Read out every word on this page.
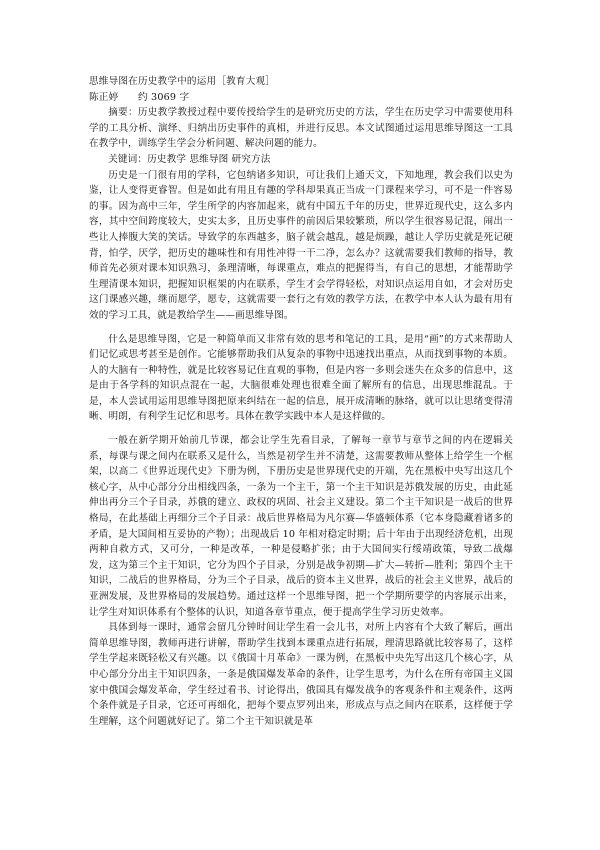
思维导图在历史教学中的运用［教育大观］
陈正婷　　约 3069 字

摘要：历史教学教授过程中要传授给学生的是研究历史的方法，学生在历史学习中需要使用科学的工具分析、演绎、归纳出历史事件的真相，并进行反思。本文试图通过运用思维导图这一工具在教学中，训练学生学会分析问题、解决问题的能力。

关键词：历史教学 思维导图 研究方法

历史是一门很有用的学科，它包纳诸多知识，可让我们上通天文，下知地理，教会我们以史为鉴，让人变得更睿智。但是如此有用且有趣的学科却果真正当成一门课程来学习，可不是一件容易的事。因为高中三年，学生所学的内容加起来，就有中国五千年的历史，世界近现代史，这么多内容，其中空间跨度较大，史实太多，且历史事件的前因后果较繁琐，所以学生很容易记混，闹出一些让人捧腹大笑的笑话。导致学的东西越多，脑子就会越乱，越是烦躁，越让人学历史就是死记硬背，怕学，厌学，把历史的趣味性和有用性冲得一干二净，怎么办？这就需要我们教师的指导，教师首先必须对课本知识熟习，条理清晰，每课重点，难点的把握得当，有自己的思想，才能帮助学生理清课本知识，把握知识框架的内在联系，学生才会学得轻松，对知识点运用自如，才会对历史这门课感兴趣，继而愿学，愿专，这就需要一套行之有效的教学方法，在教学中本人认为最有用有效的学习工具，就是教给学生——画思维导图。

什么是思维导图，它是一种简单而又非常有效的思考和笔记的工具，是用“画”的方式来帮助人们记忆或思考甚至是创作。它能够帮助我们从复杂的事物中迅速找出重点，从而找到事物的本质。人的大脑有一种特性，就是比较容易记住直观的事物，但是内容一多则会迷失在众多的信息中，这是由于各学科的知识点混在一起，大脑很难处理也很难全面了解所有的信息，出现思维混乱。于是，本人尝试用运用思维导图把原来纠结在一起的信息，展开成清晰的脉络，就可以让思绪变得清晰、明朗，有利学生记忆和思考。具体在教学实践中本人是这样做的。

一般在新学期开始前几节课，都会让学生先看目录，了解每一章节与章节之间的内在逻辑关系，每课与课之间内在联系又是什么，当然是初学生并不清楚，这需要教师从整体上给学生一个框架，以高二《世界近现代史》下册为例，下册历史是世界现代史的开端，先在黑板中央写出这几个核心字，从中心部分分出相线四条，一条为一个主干，第一个主干知识是苏俄发展的历史，由此延伸出再分三个子目录，苏俄的建立、政权的巩固、社会主义建设。第二个主干知识是一战后的世界格局，在此基础上再细分三个子目录：战后世界格局为凡尔赛—华盛顿体系（它本身隐藏着诸多的矛盾，是大国间相互妥协的产物）；出现战后 10 年相对稳定时期；后十年由于出现经济危机，出现两种自救方式，又可分，一种是改革，一种是侵略扩张；由于大国间实行绥靖政策，导致二战爆发，这为第三个主干知识，它分为四个子目录，分别是战争初期—扩大—转折—胜利；第四个主干知识，二战后的世界格局，分为三个子目录，战后的资本主义世界，战后的社会主义世界，战后的亚洲发展，及世界格局的发展趋势。通过这样一个思维导图，把一个学期所要学的内容展示出来，让学生对知识体系有个整体的认识，知道各章节重点，便于提高学生学习历史效率。

具体到每一课时，通常会留几分钟时间让学生看一会儿书，对所上内容有个大致了解后，画出简单思维导图，教师再进行讲解，帮助学生找到本课重点进行拓展，理清思路就比较容易了，这样学生学起来既轻松又有兴趣。以《俄国十月革命》一课为例，在黑板中央先写出这几个核心字，从中心部分分出主干知识四条，一条是俄国爆发革命的条件，让学生思考，为什么在所有帝国主义国家中俄国会爆发革命，学生经过看书、讨论得出，俄国具有爆发战争的客观条件和主观条件，这两个条件就是子目录，它还可再细化，把每个要点罗列出来，形成点与点之间内在联系，这样便于学生理解，这个问题就好记了。第二个主干知识就是革
